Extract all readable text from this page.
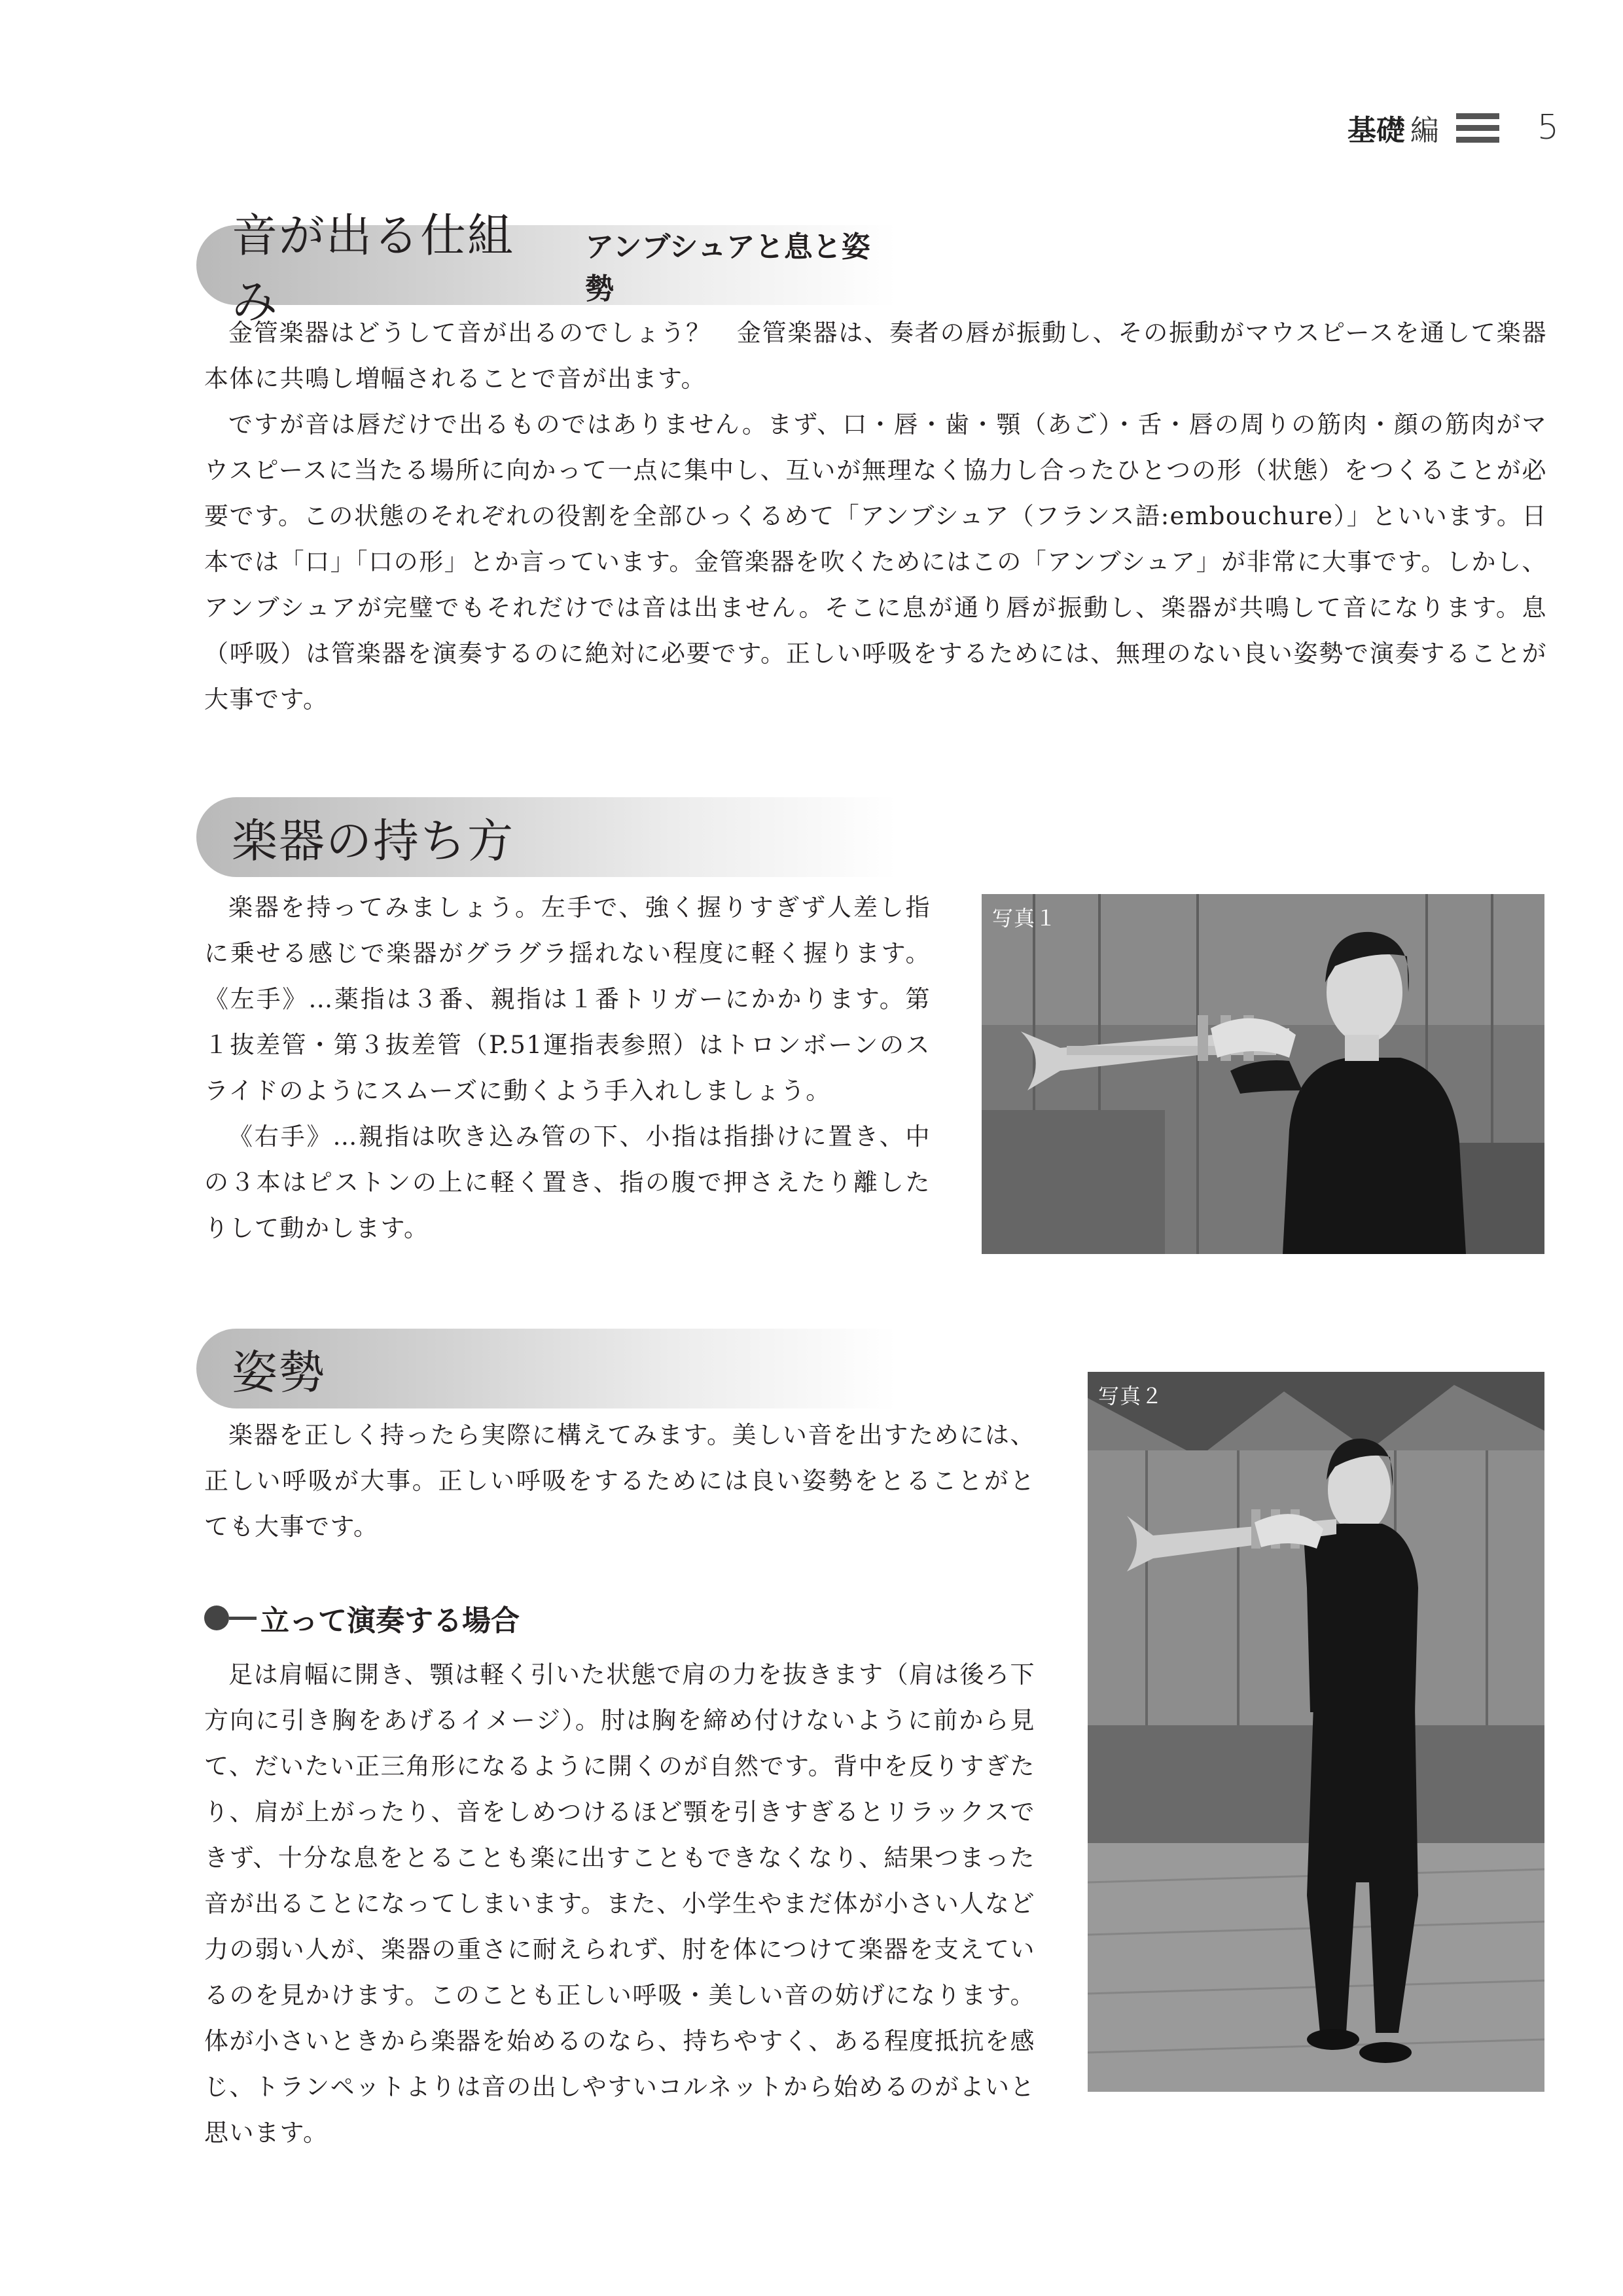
基礎 編	5
音が出る仕組み
アンブシュアと息と姿勢

金管楽器はどうして音が出るのでしょう？　金管楽器は、奏者の唇が振動し、その振動がマウスピースを通して楽器本体に共鳴し増幅されることで音が出ます。

ですが音は唇だけで出るものではありません。まず、口・唇・歯・顎（あご）・舌・唇の周りの筋肉・顔の筋肉がマウスピースに当たる場所に向かって一点に集中し、互いが無理なく協力し合ったひとつの形（状態）をつくることが必要です。この状態のそれぞれの役割を全部ひっくるめて「アンブシュア（フランス語:embouchure）」といいます。日本では「口」「口の形」とか言っています。金管楽器を吹くためにはこの「アンブシュア」が非常に大事です。しかし、アンブシュアが完璧でもそれだけでは音は出ません。そこに息が通り唇が振動し、楽器が共鳴して音になります。息（呼吸）は管楽器を演奏するのに絶対に必要です。正しい呼吸をするためには、無理のない良い姿勢で演奏することが大事です。

楽器の持ち方

楽器を持ってみましょう。左手で、強く握りすぎず人差し指に乗せる感じで楽器がグラグラ揺れない程度に軽く握ります。《左手》…薬指は３番、親指は１番トリガーにかかります。第１抜差管・第３抜差管（P.51運指表参照）はトロンボーンのスライドのようにスムーズに動くよう手入れしましょう。

《右手》…親指は吹き込み管の下、小指は指掛けに置き、中の３本はピストンの上に軽く置き、指の腹で押さえたり離したりして動かします。

写真１
姿勢

楽器を正しく持ったら実際に構えてみます。美しい音を出すためには、正しい呼吸が大事。正しい呼吸をするためには良い姿勢をとることがとても大事です。

立って演奏する場合

足は肩幅に開き、顎は軽く引いた状態で肩の力を抜きます（肩は後ろ下方向に引き胸をあげるイメージ）。肘は胸を締め付けないように前から見て、だいたい正三角形になるように開くのが自然です。背中を反りすぎたり、肩が上がったり、音をしめつけるほど顎を引きすぎるとリラックスできず、十分な息をとることも楽に出すこともできなくなり、結果つまった音が出ることになってしまいます。また、小学生やまだ体が小さい人など力の弱い人が、楽器の重さに耐えられず、肘を体につけて楽器を支えているのを見かけます。このことも正しい呼吸・美しい音の妨げになります。体が小さいときから楽器を始めるのなら、持ちやすく、ある程度抵抗を感じ、トランペットよりは音の出しやすいコルネットから始めるのがよいと思います。

写真２
